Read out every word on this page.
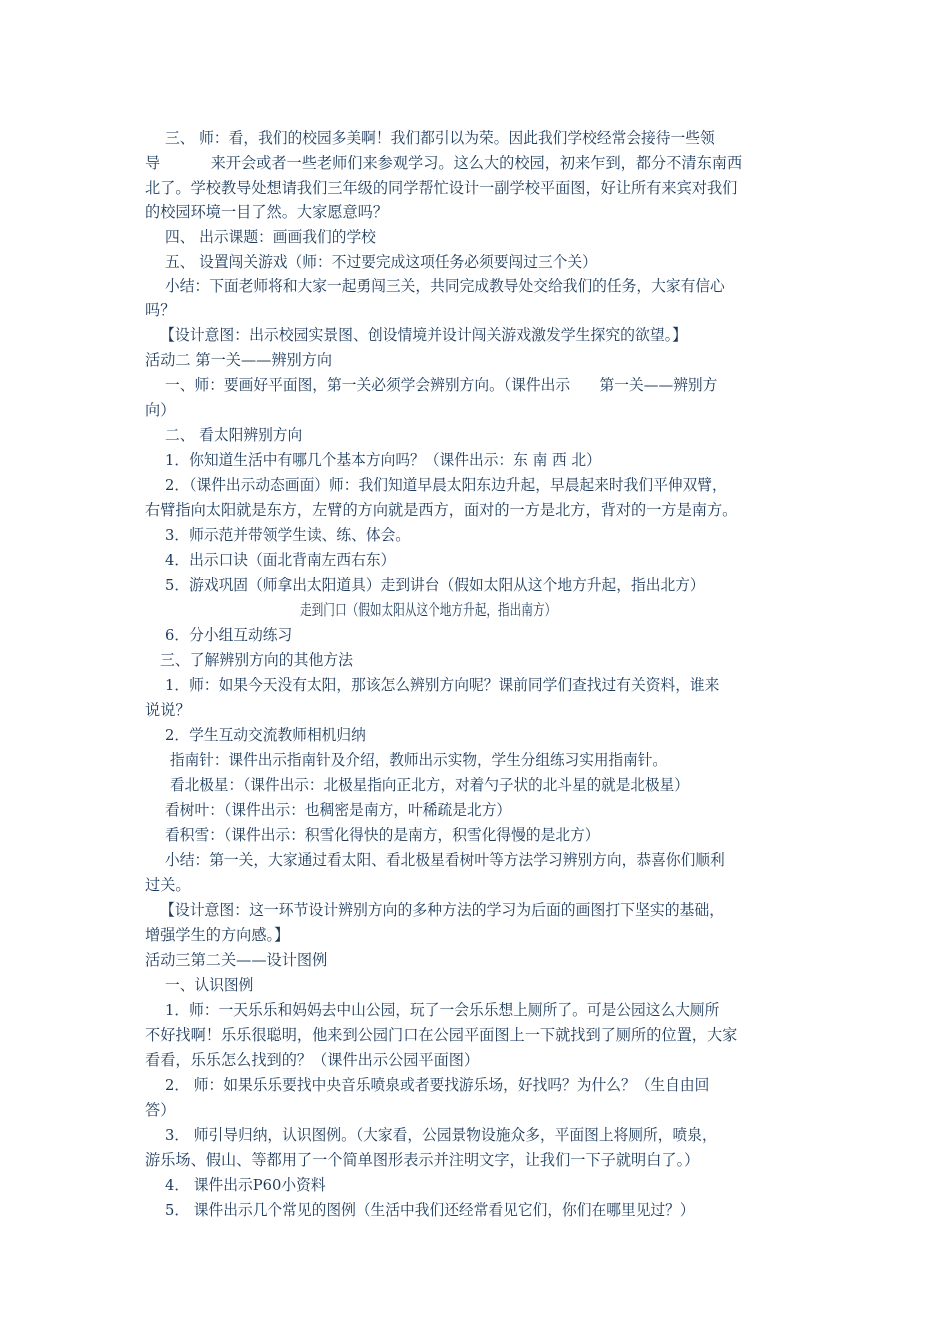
三、 师：看，我们的校园多美啊！我们都引以为荣。因此我们学校经常会接待一些领
导 　　　来开会或者一些老师们来参观学习。这么大的校园，初来乍到，都分不清东南西
北了。学校教导处想请我们三年级的同学帮忙设计一副学校平面图，好让所有来宾对我们
的校园环境一目了然。大家愿意吗？
四、 出示课题：画画我们的学校
五、 设置闯关游戏（师：不过要完成这项任务必须要闯过三个关）
小结：下面老师将和大家一起勇闯三关，共同完成教导处交给我们的任务，大家有信心
吗？
【设计意图：出示校园实景图、创设情境并设计闯关游戏激发学生探究的欲望。】
活动二 第一关——辨别方向
一、师：要画好平面图，第一关必须学会辨别方向。（课件出示　　第一关——辨别方
向）
二、 看太阳辨别方向
1．你知道生活中有哪几个基本方向吗？（课件出示：东 南 西 北）
2．（课件出示动态画面）师：我们知道早晨太阳东边升起，早晨起来时我们平伸双臂，
右臂指向太阳就是东方，左臂的方向就是西方，面对的一方是北方，背对的一方是南方。
3．师示范并带领学生读、练、体会。
4．出示口诀（面北背南左西右东）
5．游戏巩固（师拿出太阳道具）走到讲台（假如太阳从这个地方升起，指出北方）
走到门口（假如太阳从这个地方升起，指出南方）
6．分小组互动练习
三、了解辨别方向的其他方法
1．师：如果今天没有太阳，那该怎么辨别方向呢？课前同学们查找过有关资料，谁来
说说？
2．学生互动交流教师相机归纳
指南针：课件出示指南针及介绍，教师出示实物，学生分组练习实用指南针。
看北极星：（课件出示：北极星指向正北方，对着勺子状的北斗星的就是北极星）
看树叶：（课件出示：也稠密是南方，叶稀疏是北方）
看积雪：（课件出示：积雪化得快的是南方，积雪化得慢的是北方）
小结：第一关，大家通过看太阳、看北极星看树叶等方法学习辨别方向，恭喜你们顺利
过关。
【设计意图：这一环节设计辨别方向的多种方法的学习为后面的画图打下坚实的基础，
增强学生的方向感。】
活动三第二关——设计图例
一、认识图例
1．师：一天乐乐和妈妈去中山公园，玩了一会乐乐想上厕所了。可是公园这么大厕所
不好找啊！乐乐很聪明，他来到公园门口在公园平面图上一下就找到了厕所的位置，大家
看看，乐乐怎么找到的？（课件出示公园平面图）
2． 师：如果乐乐要找中央音乐喷泉或者要找游乐场，好找吗？为什么？（生自由回
答）
3． 师引导归纳，认识图例。（大家看，公园景物设施众多，平面图上将厕所，喷泉，
游乐场、假山、等都用了一个简单图形表示并注明文字，让我们一下子就明白了。）
4． 课件出示P60小资料
5． 课件出示几个常见的图例（生活中我们还经常看见它们，你们在哪里见过？）
